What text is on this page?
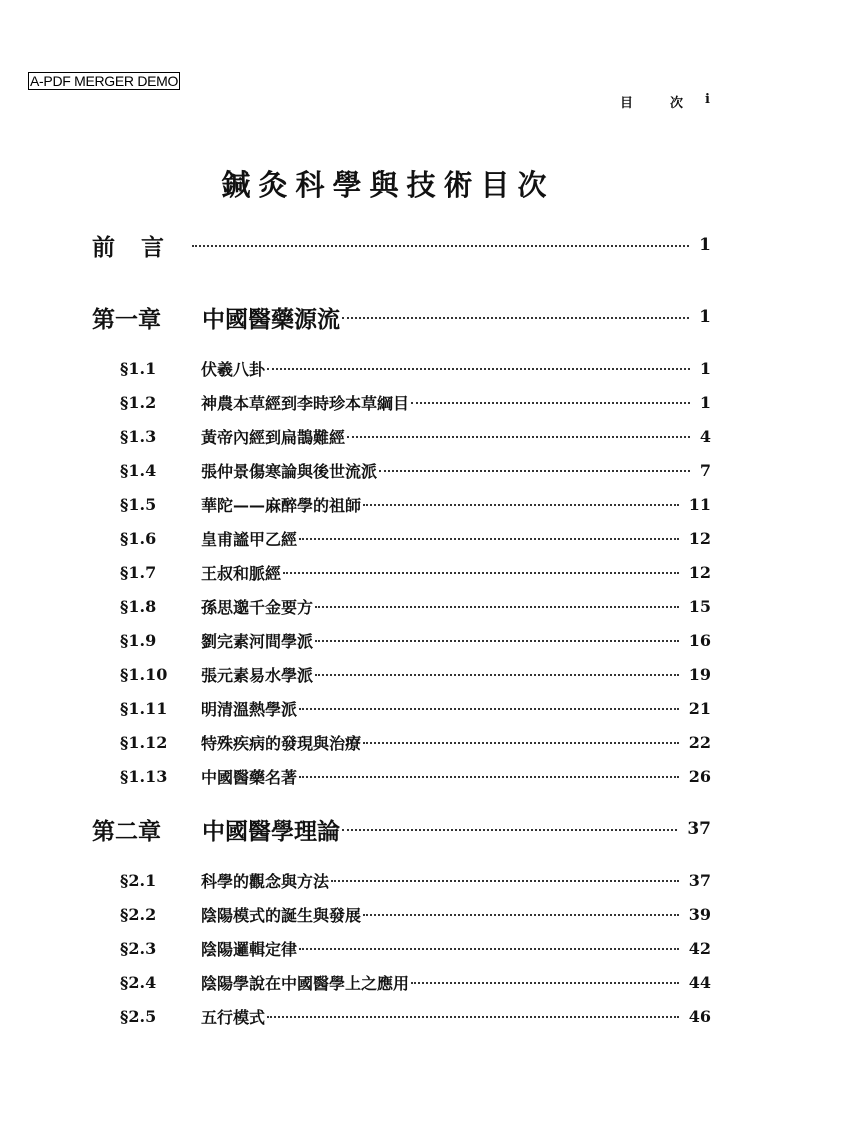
A-PDF MERGER DEMO
目	次 i
鍼灸科學與技術目次
前言	1
第一章 中國醫藥源流	1
§1.1	伏羲八卦	1
§1.2	神農本草經到李時珍本草綱目	1
§1.3	黃帝內經到扁鵲難經	4
§1.4	張仲景傷寒論與後世流派	7
§1.5	華陀——麻醉學的祖師	11
§1.6	皇甫謐甲乙經	12
§1.7	王叔和脈經	12
§1.8	孫思邈千金要方	15
§1.9	劉完素河間學派	16
§1.10 張元素易水學派	19
§1.11 明清溫熱學派	21
§1.12 特殊疾病的發現與治療	22
§1.13 中國醫藥名著	26
第二章 中國醫學理論	37
§2.1	科學的觀念與方法	37
§2.2	陰陽模式的誕生與發展	39
§2.3	陰陽邏輯定律	42
§2.4	陰陽學說在中國醫學上之應用	44
§2.5	五行模式	46
